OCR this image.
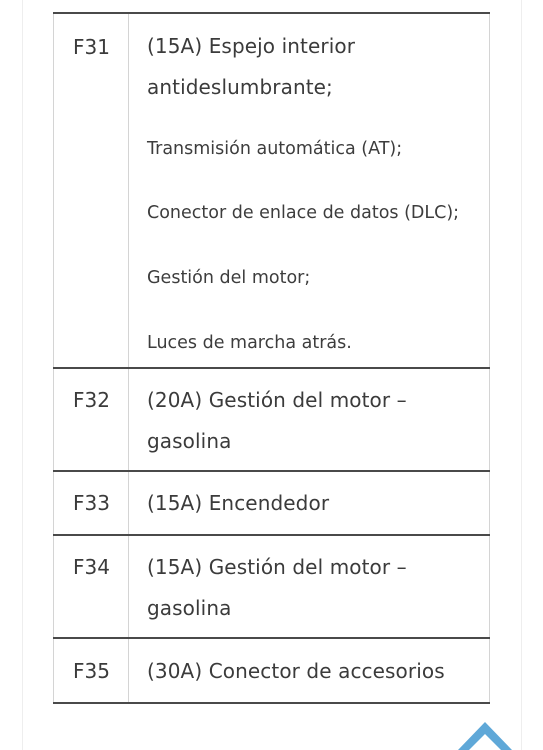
F31	(15A) Espejo interior antideslumbrante;
Transmisión automática (AT);
Conector de enlace de datos (DLC);
Gestión del motor;
Luces de marcha atrás.

F32	(20A) Gestión del motor – gasolina

F33	(15A) Encendedor

F34	(15A) Gestión del motor – gasolina

F35	(30A) Conector de accesorios
